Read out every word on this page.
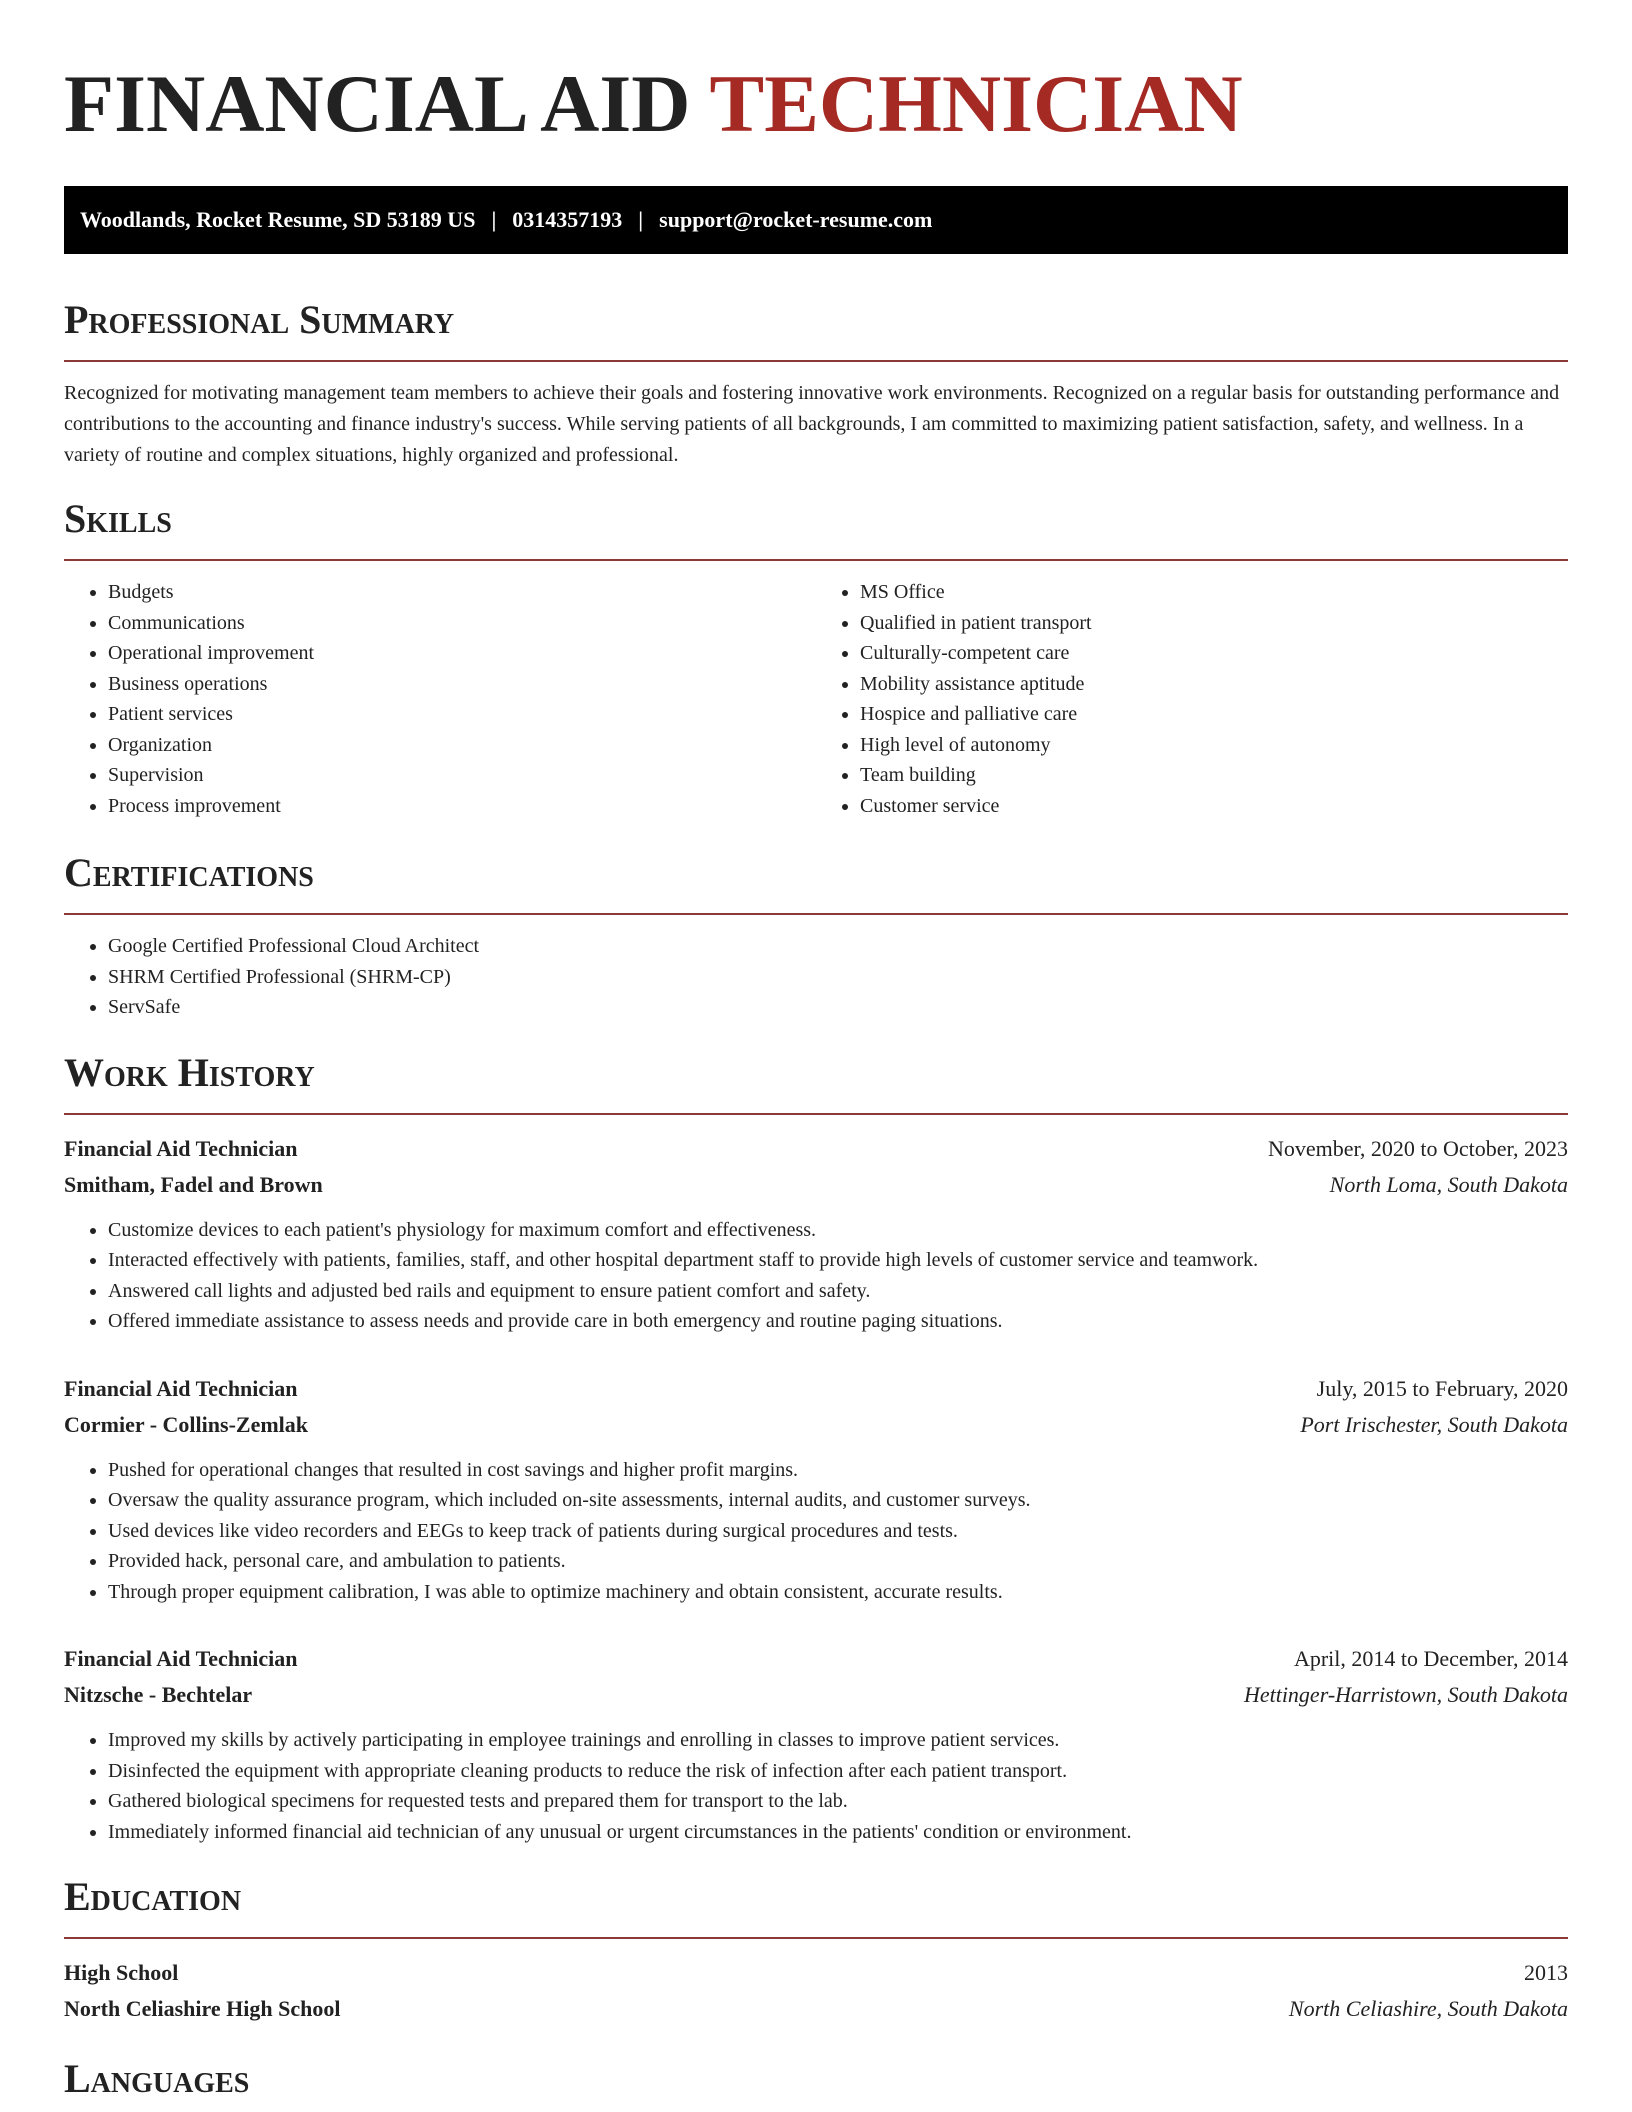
FINANCIAL AID TECHNICIAN
Woodlands, Rocket Resume, SD 53189 US | 0314357193 | support@rocket-resume.com
Professional Summary

Recognized for motivating management team members to achieve their goals and fostering innovative work environments. Recognized on a regular basis for outstanding performance and contributions to the accounting and finance industry's success. While serving patients of all backgrounds, I am committed to maximizing patient satisfaction, safety, and wellness. In a variety of routine and complex situations, highly organized and professional.

Skills
• Budgets
• Communications
• Operational improvement
• Business operations
• Patient services
• Organization
• Supervision
• Process improvement
• MS Office
• Qualified in patient transport
• Culturally-competent care
• Mobility assistance aptitude
• Hospice and palliative care
• High level of autonomy
• Team building
• Customer service
Certifications
• Google Certified Professional Cloud Architect
• SHRM Certified Professional (SHRM-CP)
• ServSafe
Work History
Financial Aid Technician	November, 2020 to October, 2023
Smitham, Fadel and Brown	North Loma, South Dakota
• Customize devices to each patient's physiology for maximum comfort and effectiveness.
• Interacted effectively with patients, families, staff, and other hospital department staff to provide high levels of customer service and teamwork.
• Answered call lights and adjusted bed rails and equipment to ensure patient comfort and safety.
• Offered immediate assistance to assess needs and provide care in both emergency and routine paging situations.
Financial Aid Technician	July, 2015 to February, 2020
Cormier - Collins-Zemlak	Port Irischester, South Dakota
• Pushed for operational changes that resulted in cost savings and higher profit margins.
• Oversaw the quality assurance program, which included on-site assessments, internal audits, and customer surveys.
• Used devices like video recorders and EEGs to keep track of patients during surgical procedures and tests.
• Provided hack, personal care, and ambulation to patients.
• Through proper equipment calibration, I was able to optimize machinery and obtain consistent, accurate results.
Financial Aid Technician	April, 2014 to December, 2014
Nitzsche - Bechtelar	Hettinger-Harristown, South Dakota
• Improved my skills by actively participating in employee trainings and enrolling in classes to improve patient services.
• Disinfected the equipment with appropriate cleaning products to reduce the risk of infection after each patient transport.
• Gathered biological specimens for requested tests and prepared them for transport to the lab.
• Immediately informed financial aid technician of any unusual or urgent circumstances in the patients' condition or environment.
Education
High School	2013
North Celiashire High School	North Celiashire, South Dakota
Languages
